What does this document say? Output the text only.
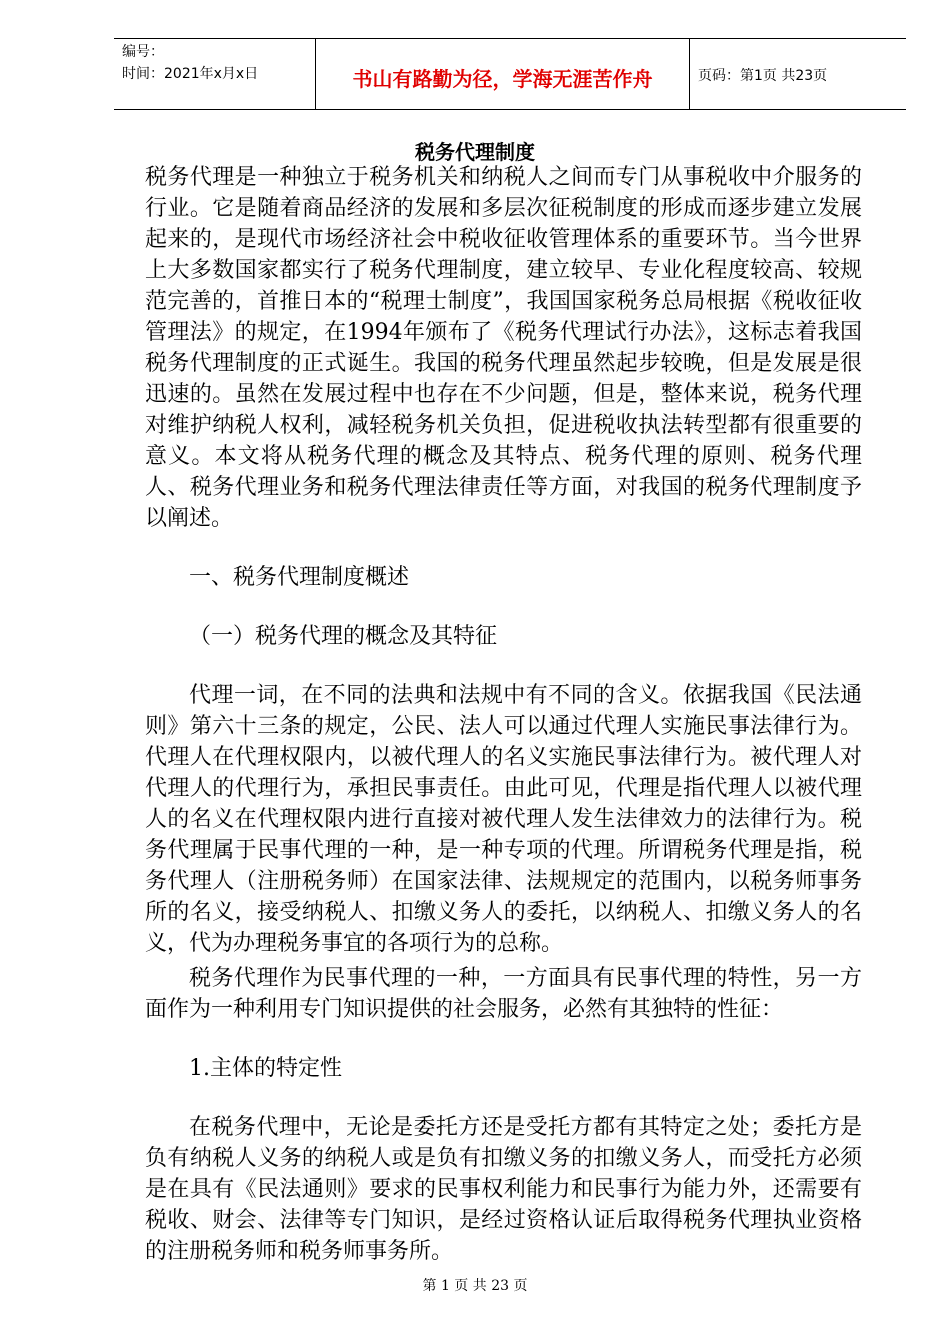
编号：
时间：2021年x月x日	书山有路勤为径，学海无涯苦作舟	页码：第1页 共23页
税务代理制度

税务代理是一种独立于税务机关和纳税人之间而专门从事税收中介服务的行业。它是随着商品经济的发展和多层次征税制度的形成而逐步建立发展起来的，是现代市场经济社会中税收征收管理体系的重要环节。当今世界上大多数国家都实行了税务代理制度，建立较早、专业化程度较高、较规范完善的，首推日本的“税理士制度”，我国国家税务总局根据《税收征收管理法》的规定，在1994年颁布了《税务代理试行办法》，这标志着我国税务代理制度的正式诞生。我国的税务代理虽然起步较晚，但是发展是很迅速的。虽然在发展过程中也存在不少问题，但是，整体来说，税务代理对维护纳税人权利，减轻税务机关负担，促进税收执法转型都有很重要的意义。本文将从税务代理的概念及其特点、税务代理的原则、税务代理人、税务代理业务和税务代理法律责任等方面，对我国的税务代理制度予以阐述。

一、税务代理制度概述

（一）税务代理的概念及其特征

代理一词，在不同的法典和法规中有不同的含义。依据我国《民法通则》第六十三条的规定，公民、法人可以通过代理人实施民事法律行为。代理人在代理权限内，以被代理人的名义实施民事法律行为。被代理人对代理人的代理行为，承担民事责任。由此可见，代理是指代理人以被代理人的名义在代理权限内进行直接对被代理人发生法律效力的法律行为。税务代理属于民事代理的一种，是一种专项的代理。所谓税务代理是指，税务代理人（注册税务师）在国家法律、法规规定的范围内，以税务师事务所的名义，接受纳税人、扣缴义务人的委托，以纳税人、扣缴义务人的名义，代为办理税务事宜的各项行为的总称。

税务代理作为民事代理的一种，一方面具有民事代理的特性，另一方面作为一种利用专门知识提供的社会服务，必然有其独特的性征：

1.主体的特定性

在税务代理中，无论是委托方还是受托方都有其特定之处；委托方是负有纳税人义务的纳税人或是负有扣缴义务的扣缴义务人，而受托方必须是在具有《民法通则》要求的民事权利能力和民事行为能力外，还需要有税收、财会、法律等专门知识，是经过资格认证后取得税务代理执业资格的注册税务师和税务师事务所。

第 1 页 共 23 页
